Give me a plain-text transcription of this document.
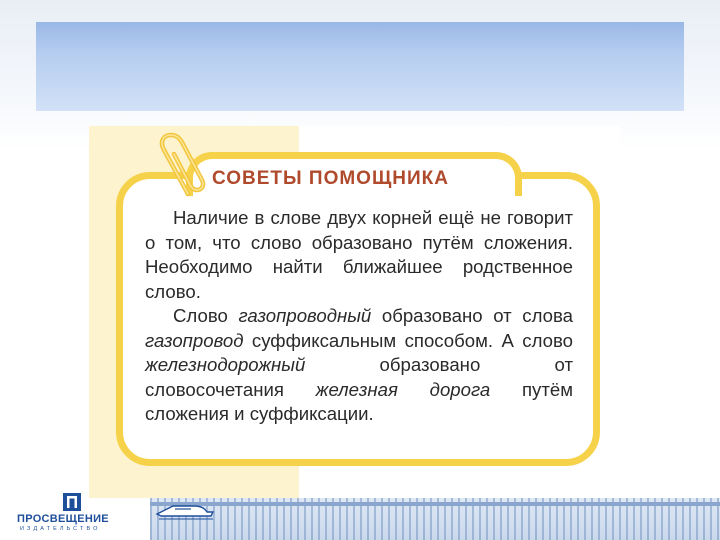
СОВЕТЫ ПОМОЩНИКА

Наличие в слове двух корней ещё не говорит о том, что слово образовано путём сложения. Необходимо найти ближайшее родственное слово.

Слово газопроводный образовано от слова газопровод суффиксальным способом. А слово железнодорожный образовано от словосочетания железная дорога путём сложения и суффиксации.

ПРОСВЕЩЕНИЕ
ИЗДАТЕЛЬСТВО
